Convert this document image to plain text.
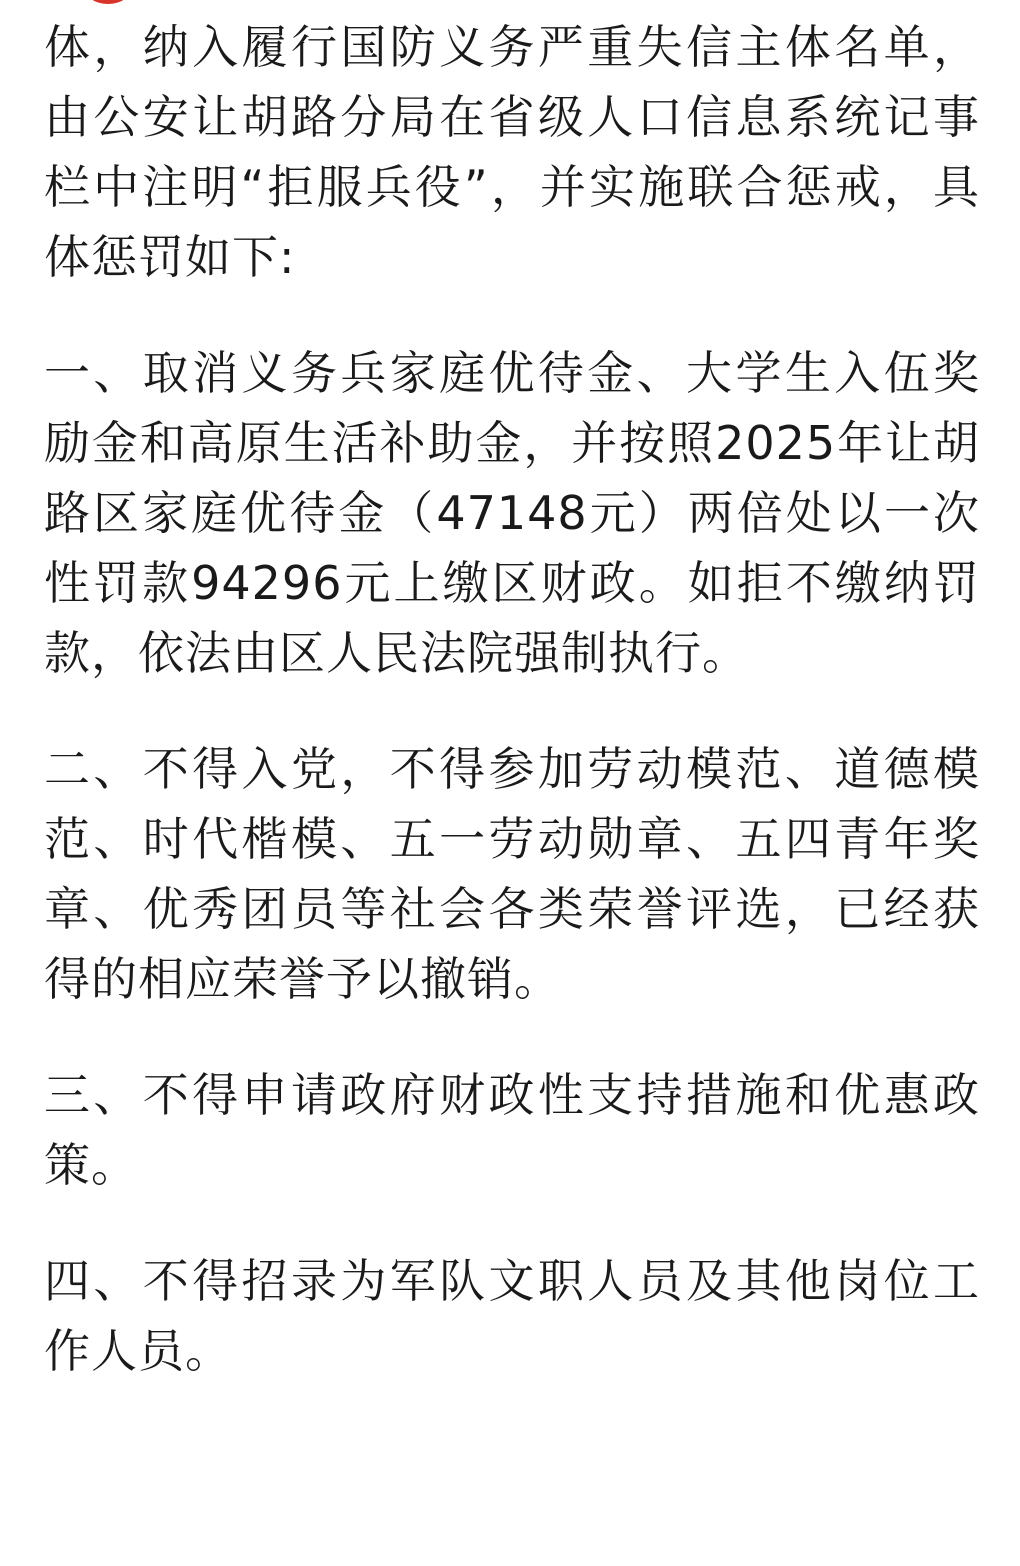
体，纳入履行国防义务严重失信主体名单，由公安让胡路分局在省级人口信息系统记事栏中注明“拒服兵役”，并实施联合惩戒，具体惩罚如下:

一、取消义务兵家庭优待金、大学生入伍奖励金和高原生活补助金，并按照2025年让胡路区家庭优待金（47148元）两倍处以一次性罚款94296元上缴区财政。如拒不缴纳罚款，依法由区人民法院强制执行。

二、不得入党，不得参加劳动模范、道德模范、时代楷模、五一劳动勋章、五四青年奖章、优秀团员等社会各类荣誉评选，已经获得的相应荣誉予以撤销。

三、不得申请政府财政性支持措施和优惠政策。

四、不得招录为军队文职人员及其他岗位工作人员。
